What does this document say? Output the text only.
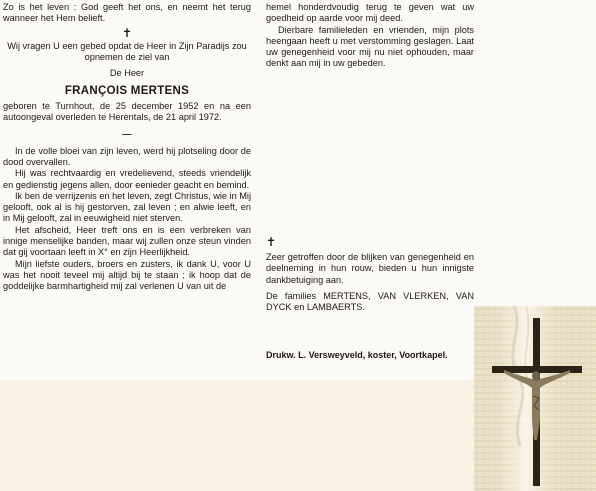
Zo is het leven : God geeft het ons, en neemt het terug wanneer het Hem belieft.

✝

Wij vragen U een gebed opdat de Heer in Zijn Paradijs zou opnemen de ziel van

De Heer

FRANÇOIS MERTENS

geboren te Turnhout, de 25 december 1952 en na een autoongeval overleden te Herentals, de 21 april 1972.

—

In de volle bloei van zijn leven, werd hij plotseling door de dood overvallen.

Hij was rechtvaardig en vredelievend, steeds vriendelijk en gedienstig jegens allen, door eenieder geacht en bemind.

Ik ben de verrijzenis en het leven, zegt Christus, wie in Mij gelooft, ook al is hij gestorven, zal leven ; en alwie leeft, en in Mij gelooft, zal in eeuwigheid niet sterven.

Het afscheid, Heer treft ons en is een verbreken van innige menselijke banden, maar wij zullen onze steun vinden dat gij voortaan leeft in X° en zijn Heerlijkheid.

Mijn liefste ouders, broers en zusters, ik dank U, voor U was het nooit teveel mij altijd bij te staan ; ik hoop dat de goddelijke barmhartigheid mij zal verlenen U van uit de

hemel honderdvoudig terug te geven wat uw goedheid op aarde voor mij deed.

Dierbare familieleden en vrienden, mijn plots heengaan heeft u met verstomming geslagen. Laat uw genegenheid voor mij nu niet ophouden, maar denkt aan mij in uw gebeden.

✝

Zeer getroffen door de blijken van genegenheid en deelneming in hun rouw, bieden u hun innigste dankbetuiging aan.

De families MERTENS, VAN VLERKEN, VAN DYCK en LAMBAERTS.

Drukw. L. Versweyveld, koster, Voortkapel.
